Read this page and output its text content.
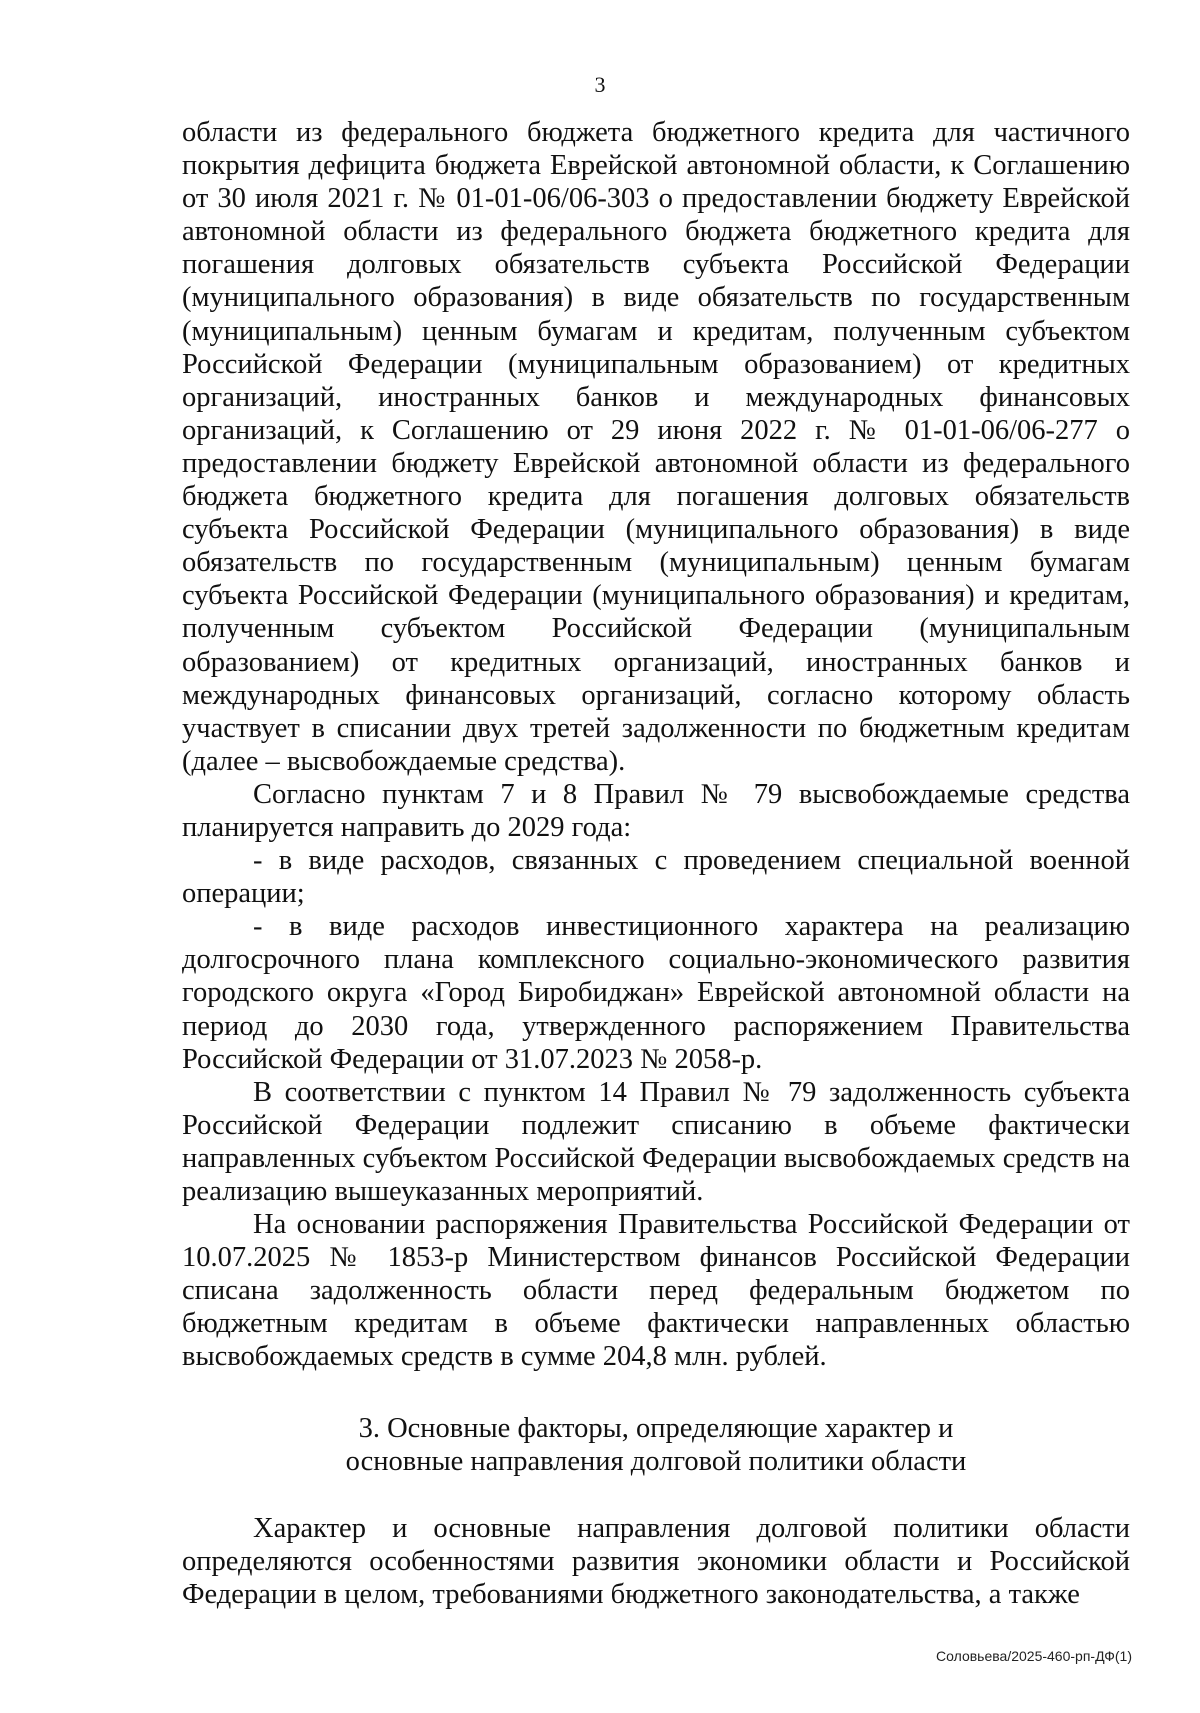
3

области из федерального бюджета бюджетного кредита для частичного покрытия дефицита бюджета Еврейской автономной области, к Соглашению от 30 июля 2021 г. № 01-01-06/06-303 о предоставлении бюджету Еврейской автономной области из федерального бюджета бюджетного кредита для погашения долговых обязательств субъекта Российской Федерации (муниципального образования) в виде обязательств по государственным (муниципальным) ценным бумагам и кредитам, полученным субъектом Российской Федерации (муниципальным образованием) от кредитных организаций, иностранных банков и международных финансовых организаций, к Соглашению от 29 июня 2022 г. № 01-01-06/06-277 о предоставлении бюджету Еврейской автономной области из федерального бюджета бюджетного кредита для погашения долговых обязательств субъекта Российской Федерации (муниципального образования) в виде обязательств по государственным (муниципальным) ценным бумагам субъекта Российской Федерации (муниципального образования) и кредитам, полученным субъектом Российской Федерации (муниципальным образованием) от кредитных организаций, иностранных банков и международных финансовых организаций, согласно которому область участвует в списании двух третей задолженности по бюджетным кредитам (далее – высвобождаемые средства).

Согласно пунктам 7 и 8 Правил № 79 высвобождаемые средства планируется направить до 2029 года:

- в виде расходов, связанных с проведением специальной военной операции;

- в виде расходов инвестиционного характера на реализацию долгосрочного плана комплексного социально-экономического развития городского округа «Город Биробиджан» Еврейской автономной области на период до 2030 года, утвержденного распоряжением Правительства Российской Федерации от 31.07.2023 № 2058-р.

В соответствии с пунктом 14 Правил № 79 задолженность субъекта Российской Федерации подлежит списанию в объеме фактически направленных субъектом Российской Федерации высвобождаемых средств на реализацию вышеуказанных мероприятий.

На основании распоряжения Правительства Российской Федерации от 10.07.2025 № 1853-р Министерством финансов Российской Федерации списана задолженность области перед федеральным бюджетом по бюджетным кредитам в объеме фактически направленных областью высвобождаемых средств в сумме 204,8 млн. рублей.

3. Основные факторы, определяющие характер и
основные направления долговой политики области

Характер и основные направления долговой политики области определяются особенностями развития экономики области и Российской Федерации в целом, требованиями бюджетного законодательства, а также

Соловьева/2025-460-рп-ДФ(1)
